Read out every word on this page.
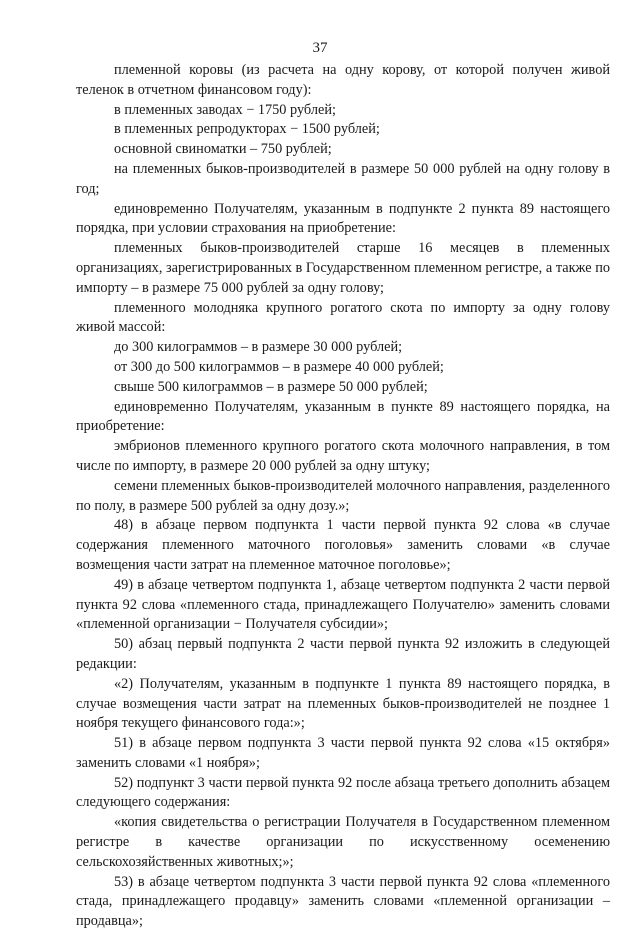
37

племенной коровы (из расчета на одну корову, от которой получен живой теленок в отчетном финансовом году):

в племенных заводах − 1750 рублей;

в племенных репродукторах − 1500 рублей;

основной свиноматки – 750 рублей;

на племенных быков-производителей в размере 50 000 рублей на одну голову в год;

единовременно Получателям, указанным в подпункте 2 пункта 89 настоящего порядка, при условии страхования на приобретение:

племенных быков-производителей старше 16 месяцев в племенных организациях, зарегистрированных в Государственном племенном регистре, а также по импорту – в размере 75 000 рублей за одну голову;

племенного молодняка крупного рогатого скота по импорту за одну голову живой массой:

до 300 килограммов – в размере 30 000 рублей;

от 300 до 500 килограммов – в размере 40 000 рублей;

свыше 500 килограммов – в размере 50 000 рублей;

единовременно Получателям, указанным в пункте 89 настоящего порядка, на приобретение:

эмбрионов племенного крупного рогатого скота молочного направления, в том числе по импорту, в размере 20 000 рублей за одну штуку;

семени племенных быков-производителей молочного направления, разделенного по полу, в размере 500 рублей за одну дозу.»;

48) в абзаце первом подпункта 1 части первой пункта 92 слова «в случае содержания племенного маточного поголовья» заменить словами «в случае возмещения части затрат на племенное маточное поголовье»;

49) в абзаце четвертом подпункта 1, абзаце четвертом подпункта 2 части первой пункта 92 слова «племенного стада, принадлежащего Получателю» заменить словами «племенной организации − Получателя субсидии»;

50) абзац первый подпункта 2 части первой пункта 92 изложить в следующей редакции:

«2) Получателям, указанным в подпункте 1 пункта 89 настоящего порядка, в случае возмещения части затрат на племенных быков-производителей не позднее 1 ноября текущего финансового года:»;

51) в абзаце первом подпункта 3 части первой пункта 92 слова «15 октября» заменить словами «1 ноября»;

52) подпункт 3 части первой пункта 92 после абзаца третьего дополнить абзацем следующего содержания:

«копия свидетельства о регистрации Получателя в Государственном племенном регистре в качестве организации по искусственному осеменению сельскохозяйственных животных;»;

53) в абзаце четвертом подпункта 3 части первой пункта 92 слова «племенного стада, принадлежащего продавцу» заменить словами «племенной организации – продавца»;
